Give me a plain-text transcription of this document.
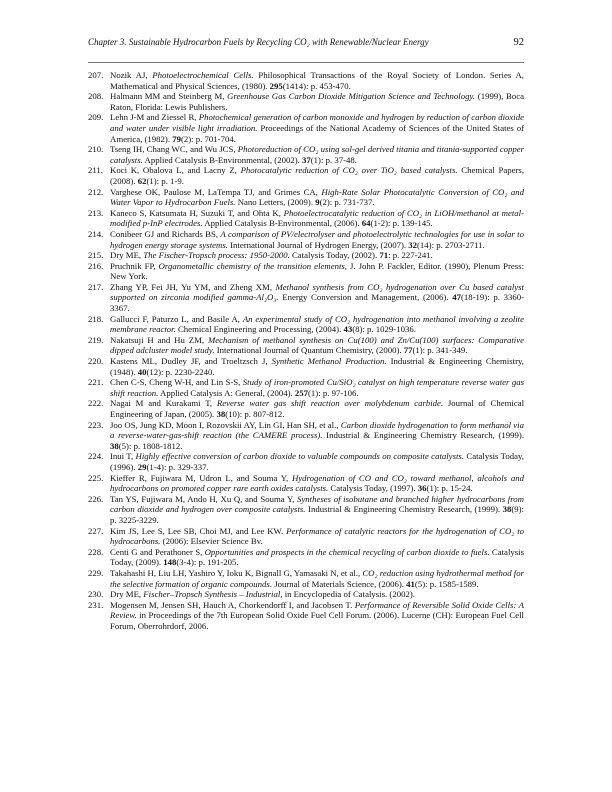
Chapter 3. Sustainable Hydrocarbon Fuels by Recycling CO₂ with Renewable/Nuclear Energy	92
207. Nozik AJ, Photoelectrochemical Cells. Philosophical Transactions of the Royal Society of London. Series A, Mathematical and Physical Sciences, (1980). 295(1414): p. 453-470.
208. Halmann MM and Steinberg M, Greenhouse Gas Carbon Dioxide Mitigation Science and Technology. (1999), Boca Raton, Florida: Lewis Publishers.
209. Lehn J-M and Ziessel R, Photochemical generation of carbon monoxide and hydrogen by reduction of carbon dioxide and water under visible light irradiation. Proceedings of the National Academy of Sciences of the United States of America, (1982). 79(2): p. 701-704.
210. Tseng IH, Chang WC, and Wu JCS, Photoreduction of CO₂ using sol-gel derived titania and titania-supported copper catalysts. Applied Catalysis B-Environmental, (2002). 37(1): p. 37-48.
211. Koci K, Obalova L, and Lacny Z, Photocatalytic reduction of CO₂ over TiO₂ based catalysts. Chemical Papers, (2008). 62(1): p. 1-9.
212. Varghese OK, Paulose M, LaTempa TJ, and Grimes CA, High-Rate Solar Photocatalytic Conversion of CO₂ and Water Vapor to Hydrocarbon Fuels. Nano Letters, (2009). 9(2): p. 731-737.
213. Kaneco S, Katsumata H, Suzuki T, and Ohta K, Photoelectrocatalytic reduction of CO₂ in LiOH/methanol at metal-modified p-InP electrodes. Applied Catalysis B-Environmental, (2006). 64(1-2): p. 139-145.
214. Conibeer GJ and Richards BS, A comparison of PV/electrolyser and photoelectrolytic technologies for use in solar to hydrogen energy storage systems. International Journal of Hydrogen Energy, (2007). 32(14): p. 2703-2711.
215. Dry ME, The Fischer-Tropsch process: 1950-2000. Catalysis Today, (2002). 71: p. 227-241.
216. Pruchnik FP, Organometallic chemistry of the transition elements, J. John P. Fackler, Editor. (1990), Plenum Press: New York.
217. Zhang YP, Fei JH, Yu YM, and Zheng XM, Methanol synthesis from CO₂ hydrogenation over Cu based catalyst supported on zirconia modified gamma-Al₂O₃. Energy Conversion and Management, (2006). 47(18-19): p. 3360-3367.
218. Gallucci F, Paturzo L, and Basile A, An experimental study of CO₂ hydrogenation into methanol involving a zeolite membrane reactor. Chemical Engineering and Processing, (2004). 43(8): p. 1029-1036.
219. Nakatsuji H and Hu ZM, Mechanism of methanol synthesis on Cu(100) and Zn/Cu(100) surfaces: Comparative dipped adcluster model study. International Journal of Quantum Chemistry, (2000). 77(1): p. 341-349.
220. Kastens ML, Dudley JF, and Troeltzsch J, Synthetic Methanol Production. Industrial & Engineering Chemistry, (1948). 40(12): p. 2230-2240.
221. Chen C-S, Cheng W-H, and Lin S-S, Study of iron-promoted Cu/SiO₂ catalyst on high temperature reverse water gas shift reaction. Applied Catalysis A: General, (2004). 257(1): p. 97-106.
222. Nagai M and Kurakami T, Reverse water gas shift reaction over molybdenum carbide. Journal of Chemical Engineering of Japan, (2005). 38(10): p. 807-812.
223. Joo OS, Jung KD, Moon I, Rozovskii AY, Lin GI, Han SH, et al., Carbon dioxide hydrogenation to form methanol via a reverse-water-gas-shift reaction (the CAMERE process). Industrial & Engineering Chemistry Research, (1999). 38(5): p. 1808-1812.
224. Inui T, Highly effective conversion of carbon dioxide to valuable compounds on composite catalysts. Catalysis Today, (1996). 29(1-4): p. 329-337.
225. Kieffer R, Fujiwara M, Udron L, and Souma Y, Hydrogenation of CO and CO₂ toward methanol, alcohols and hydrocarbons on promoted copper rare earth oxides catalysts. Catalysis Today, (1997). 36(1): p. 15-24.
226. Tan YS, Fujiwara M, Ando H, Xu Q, and Souma Y, Syntheses of isobutane and branched higher hydrocarbons from carbon dioxide and hydrogen over composite catalysts. Industrial & Engineering Chemistry Research, (1999). 38(9): p. 3225-3229.
227. Kim JS, Lee S, Lee SB, Choi MJ, and Lee KW. Performance of catalytic reactors for the hydrogenation of CO₂ to hydrocarbons. (2006): Elsevier Science Bv.
228. Centi G and Perathoner S, Opportunities and prospects in the chemical recycling of carbon dioxide to fuels. Catalysis Today, (2009). 148(3-4): p. 191-205.
229. Takahashi H, Liu LH, Yashiro Y, Ioku K, Bignall G, Yamasaki N, et al., CO₂ reduction using hydrothermal method for the selective formation of organic compounds. Journal of Materials Science, (2006). 41(5): p. 1585-1589.
230. Dry ME, Fischer–Tropsch Synthesis – Industrial, in Encyclopedia of Catalysis. (2002).
231. Mogensen M, Jensen SH, Hauch A, Chorkendorff I, and Jacobsen T. Performance of Reversible Solid Oxide Cells: A Review. in Proceedings of the 7th European Solid Oxide Fuel Cell Forum. (2006). Lucerne (CH): European Fuel Cell Forum, Oberrohrdorf, 2006.
